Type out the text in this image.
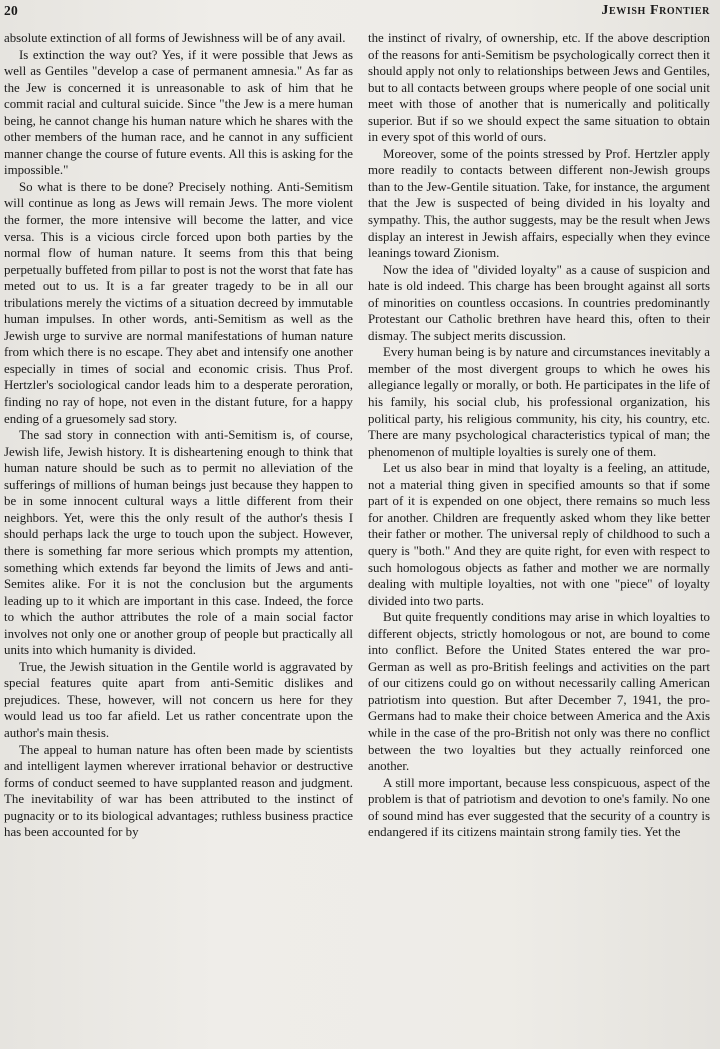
20	Jewish Frontier

absolute extinction of all forms of Jewishness will be of any avail.

Is extinction the way out? Yes, if it were possible that Jews as well as Gentiles "develop a case of permanent amnesia." As far as the Jew is concerned it is unreasonable to ask of him that he commit racial and cultural suicide. Since "the Jew is a mere human being, he cannot change his human nature which he shares with the other members of the human race, and he cannot in any sufficient manner change the course of future events. All this is asking for the impossible."

So what is there to be done? Precisely nothing. Anti-Semitism will continue as long as Jews will remain Jews. The more violent the former, the more intensive will become the latter, and vice versa. This is a vicious circle forced upon both parties by the normal flow of human nature. It seems from this that being perpetually buffeted from pillar to post is not the worst that fate has meted out to us. It is a far greater tragedy to be in all our tribulations merely the victims of a situation decreed by immutable human impulses. In other words, anti-Semitism as well as the Jewish urge to survive are normal manifestations of human nature from which there is no escape. They abet and intensify one another especially in times of social and economic crisis. Thus Prof. Hertzler's sociological candor leads him to a desperate peroration, finding no ray of hope, not even in the distant future, for a happy ending of a gruesomely sad story.

The sad story in connection with anti-Semitism is, of course, Jewish life, Jewish history. It is disheartening enough to think that human nature should be such as to permit no alleviation of the sufferings of millions of human beings just because they happen to be in some innocent cultural ways a little different from their neighbors. Yet, were this the only result of the author's thesis I should perhaps lack the urge to touch upon the subject. However, there is something far more serious which prompts my attention, something which extends far beyond the limits of Jews and anti-Semites alike. For it is not the conclusion but the arguments leading up to it which are important in this case. Indeed, the force to which the author attributes the role of a main social factor involves not only one or another group of people but practically all units into which humanity is divided.

True, the Jewish situation in the Gentile world is aggravated by special features quite apart from anti-Semitic dislikes and prejudices. These, however, will not concern us here for they would lead us too far afield. Let us rather concentrate upon the author's main thesis.

The appeal to human nature has often been made by scientists and intelligent laymen wherever irrational behavior or destructive forms of conduct seemed to have supplanted reason and judgment. The inevitability of war has been attributed to the instinct of pugnacity or to its biological advantages; ruthless business practice has been accounted for by

the instinct of rivalry, of ownership, etc. If the above description of the reasons for anti-Semitism be psychologically correct then it should apply not only to relationships between Jews and Gentiles, but to all contacts between groups where people of one social unit meet with those of another that is numerically and politically superior. But if so we should expect the same situation to obtain in every spot of this world of ours.

Moreover, some of the points stressed by Prof. Hertzler apply more readily to contacts between different non-Jewish groups than to the Jew-Gentile situation. Take, for instance, the argument that the Jew is suspected of being divided in his loyalty and sympathy. This, the author suggests, may be the result when Jews display an interest in Jewish affairs, especially when they evince leanings toward Zionism.

Now the idea of "divided loyalty" as a cause of suspicion and hate is old indeed. This charge has been brought against all sorts of minorities on countless occasions. In countries predominantly Protestant our Catholic brethren have heard this, often to their dismay. The subject merits discussion.

Every human being is by nature and circumstances inevitably a member of the most divergent groups to which he owes his allegiance legally or morally, or both. He participates in the life of his family, his social club, his professional organization, his political party, his religious community, his city, his country, etc. There are many psychological characteristics typical of man; the phenomenon of multiple loyalties is surely one of them.

Let us also bear in mind that loyalty is a feeling, an attitude, not a material thing given in specified amounts so that if some part of it is expended on one object, there remains so much less for another. Children are frequently asked whom they like better their father or mother. The universal reply of childhood to such a query is "both." And they are quite right, for even with respect to such homologous objects as father and mother we are normally dealing with multiple loyalties, not with one "piece" of loyalty divided into two parts.

But quite frequently conditions may arise in which loyalties to different objects, strictly homologous or not, are bound to come into conflict. Before the United States entered the war pro-German as well as pro-British feelings and activities on the part of our citizens could go on without necessarily calling American patriotism into question. But after December 7, 1941, the pro-Germans had to make their choice between America and the Axis while in the case of the pro-British not only was there no conflict between the two loyalties but they actually reinforced one another.

A still more important, because less conspicuous, aspect of the problem is that of patriotism and devotion to one's family. No one of sound mind has ever suggested that the security of a country is endangered if its citizens maintain strong family ties. Yet the
